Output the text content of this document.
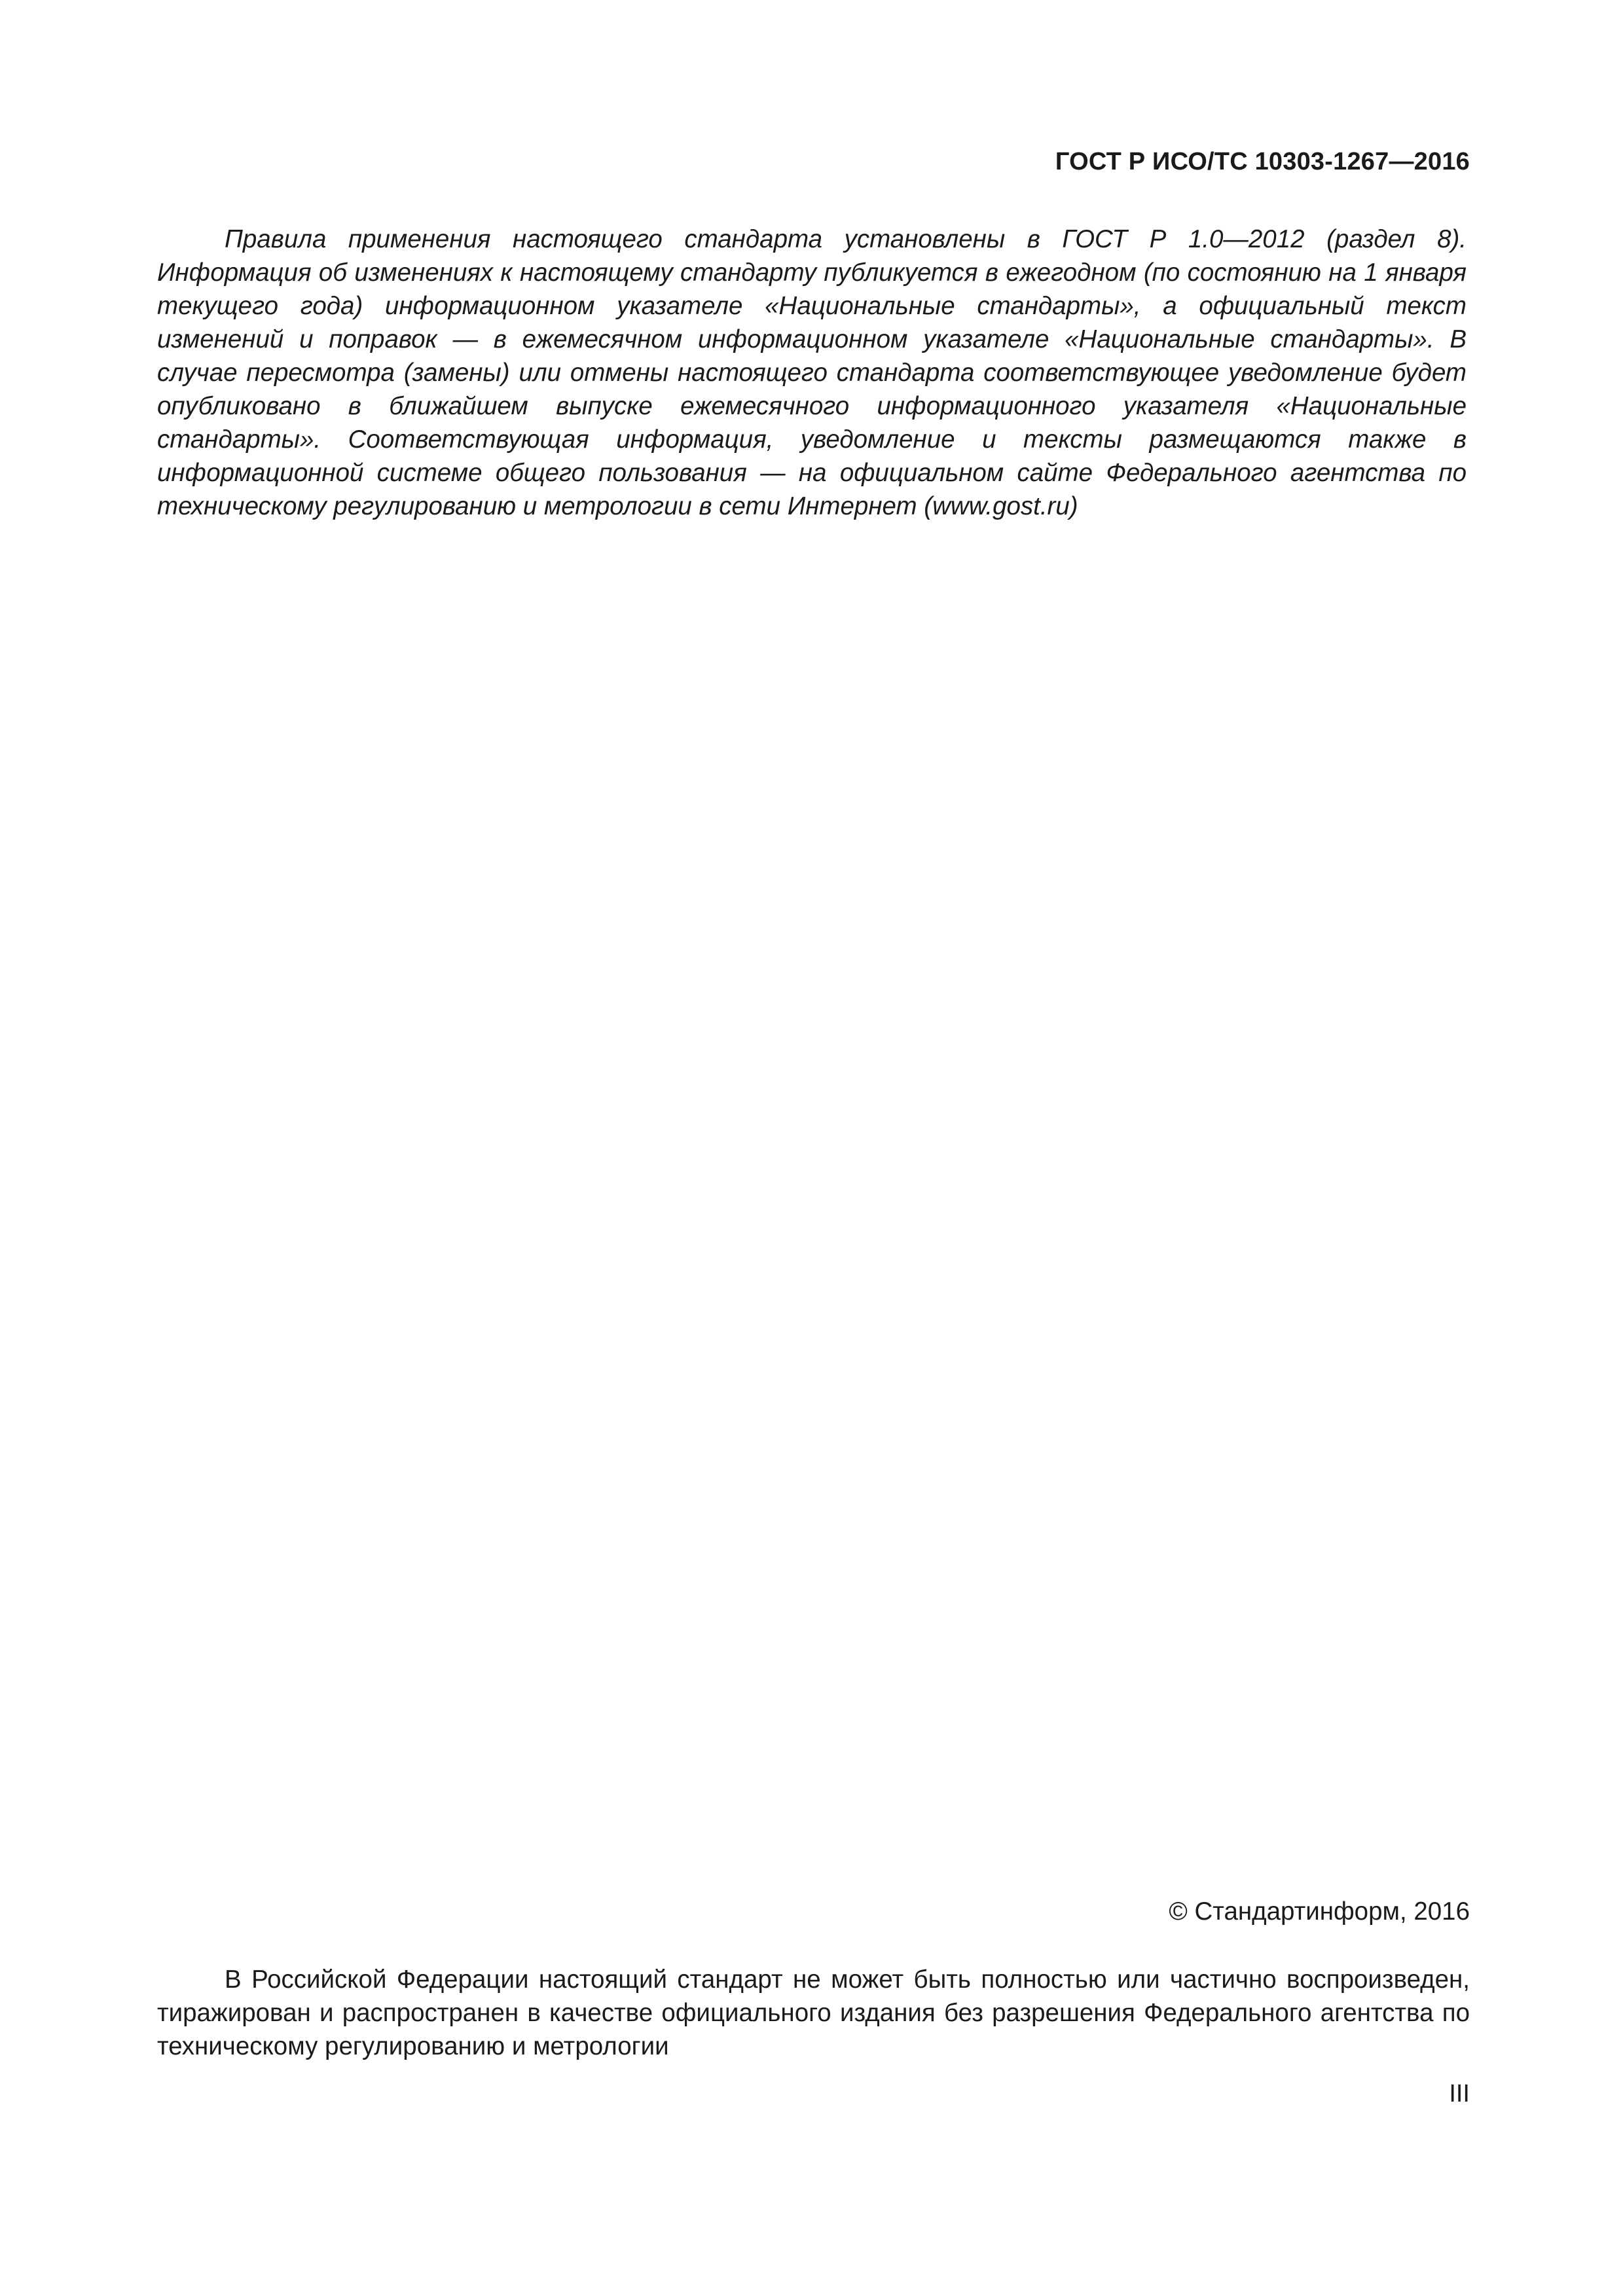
ГОСТ Р ИСО/ТС 10303-1267—2016

Правила применения настоящего стандарта установлены в ГОСТ Р 1.0—2012 (раздел 8). Информация об изменениях к настоящему стандарту публикуется в ежегодном (по состоянию на 1 января текущего года) информационном указателе «Национальные стандарты», а официальный текст изменений и поправок — в ежемесячном информационном указателе «Национальные стандарты». В случае пересмотра (замены) или отмены настоящего стандарта соответствующее уведомление будет опубликовано в ближайшем выпуске ежемесячного информационного указателя «Национальные стандарты». Соответствующая информация, уведомление и тексты размещаются также в информационной системе общего пользования — на официальном сайте Федерального агентства по техническому регулированию и метрологии в сети Интернет (www.gost.ru)

© Стандартинформ, 2016

В Российской Федерации настоящий стандарт не может быть полностью или частично воспроизведен, тиражирован и распространен в качестве официального издания без разрешения Федерального агентства по техническому регулированию и метрологии

III
